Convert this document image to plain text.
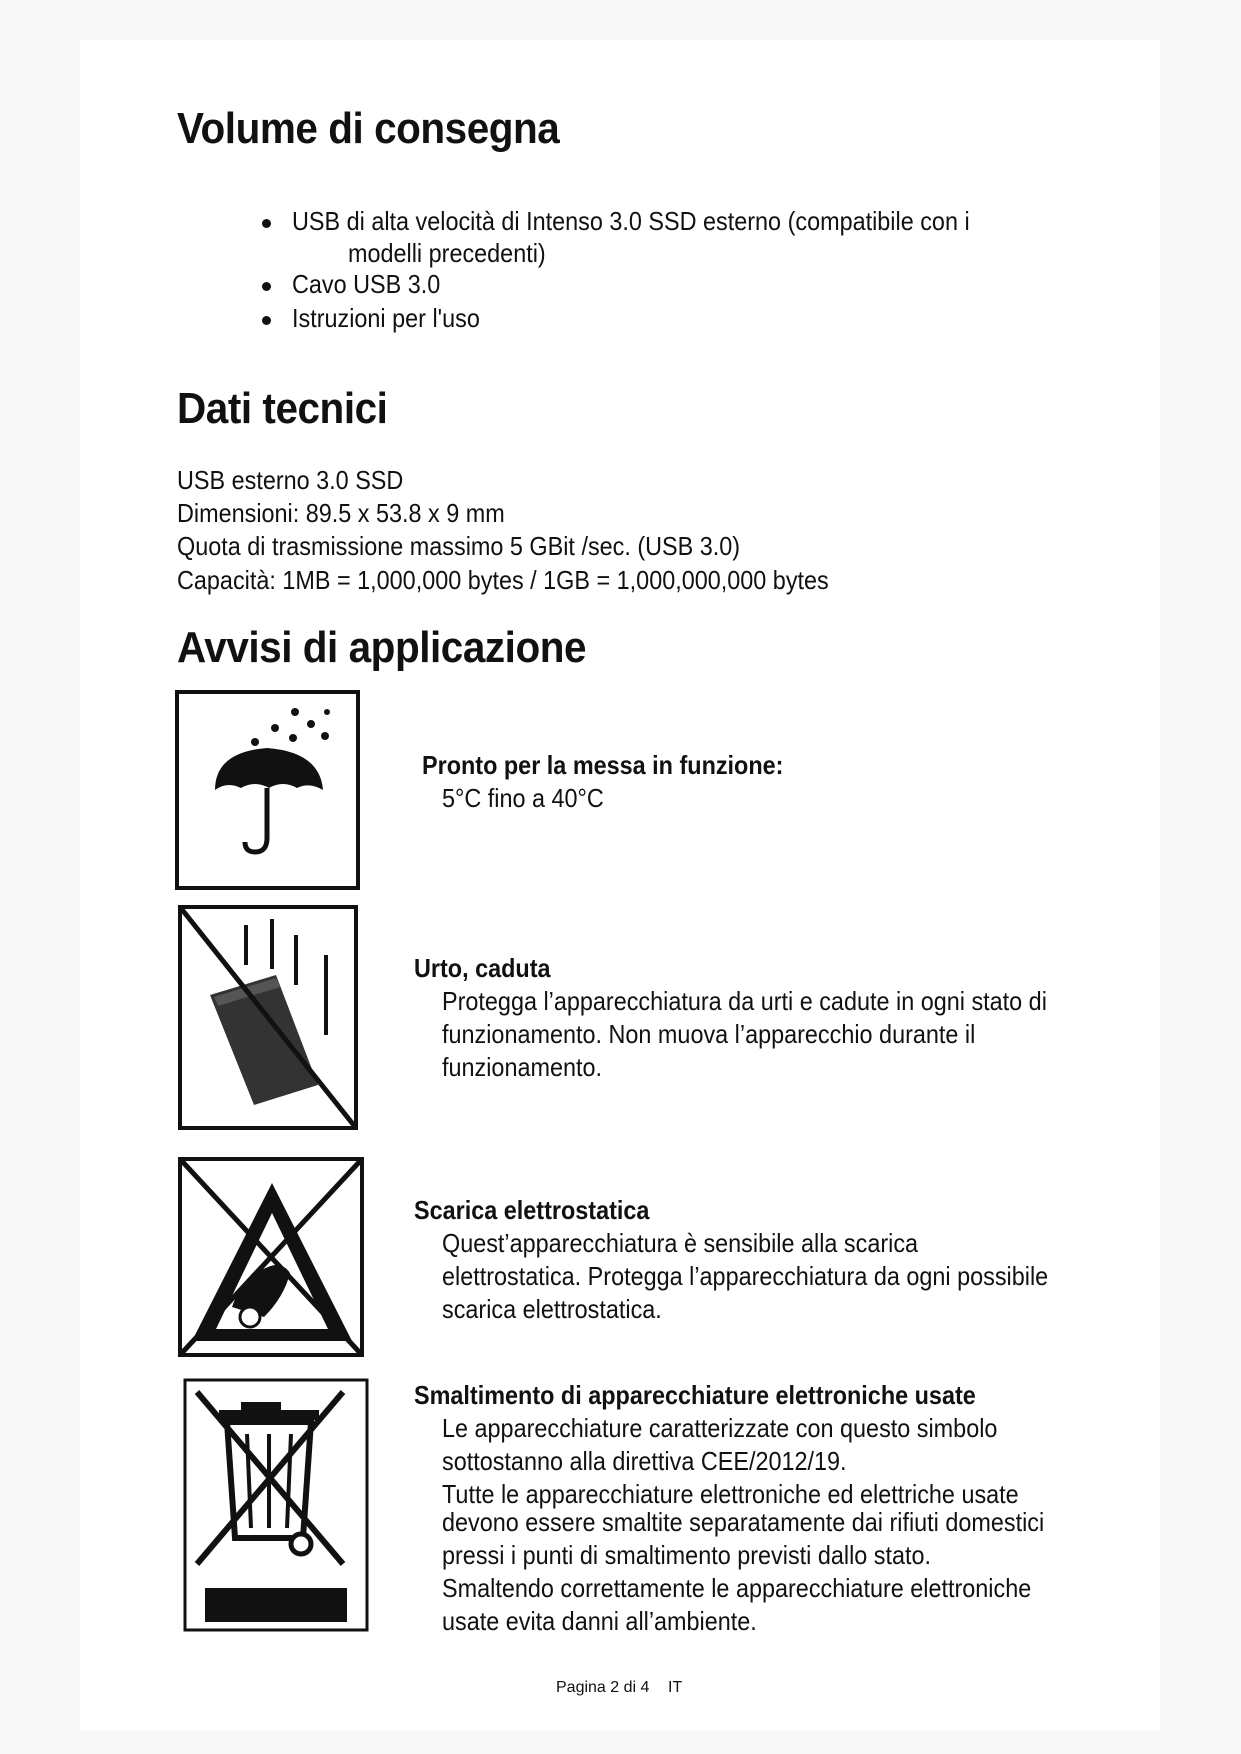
Volume di consegna
USB di alta velocità di Intenso 3.0 SSD esterno (compatibile con i
modelli precedenti)
Cavo USB 3.0
Istruzioni per l'uso
Dati tecnici
USB esterno 3.0 SSD
Dimensioni: 89.5 x 53.8 x 9 mm
Quota di trasmissione massimo 5 GBit /sec. (USB 3.0)
Capacità: 1MB = 1,000,000 bytes / 1GB = 1,000,000,000 bytes
Avvisi di applicazione
Pronto per la messa in funzione:
5°C fino a 40°C
Urto, caduta
Protegga l’apparecchiatura da urti e cadute in ogni stato di
funzionamento. Non muova l’apparecchio durante il
funzionamento.
Scarica elettrostatica
Quest’apparecchiatura è sensibile alla scarica
elettrostatica. Protegga l’apparecchiatura da ogni possibile
scarica elettrostatica.
Smaltimento di apparecchiature elettroniche usate
Le apparecchiature caratterizzate con questo simbolo
sottostanno alla direttiva CEE/2012/19.
Tutte le apparecchiature elettroniche ed elettriche usate
devono essere smaltite separatamente dai rifiuti domestici
pressi i punti di smaltimento previsti dallo stato.
Smaltendo correttamente le apparecchiature elettroniche
usate evita danni all’ambiente.
Pagina 2 di 4 IT
